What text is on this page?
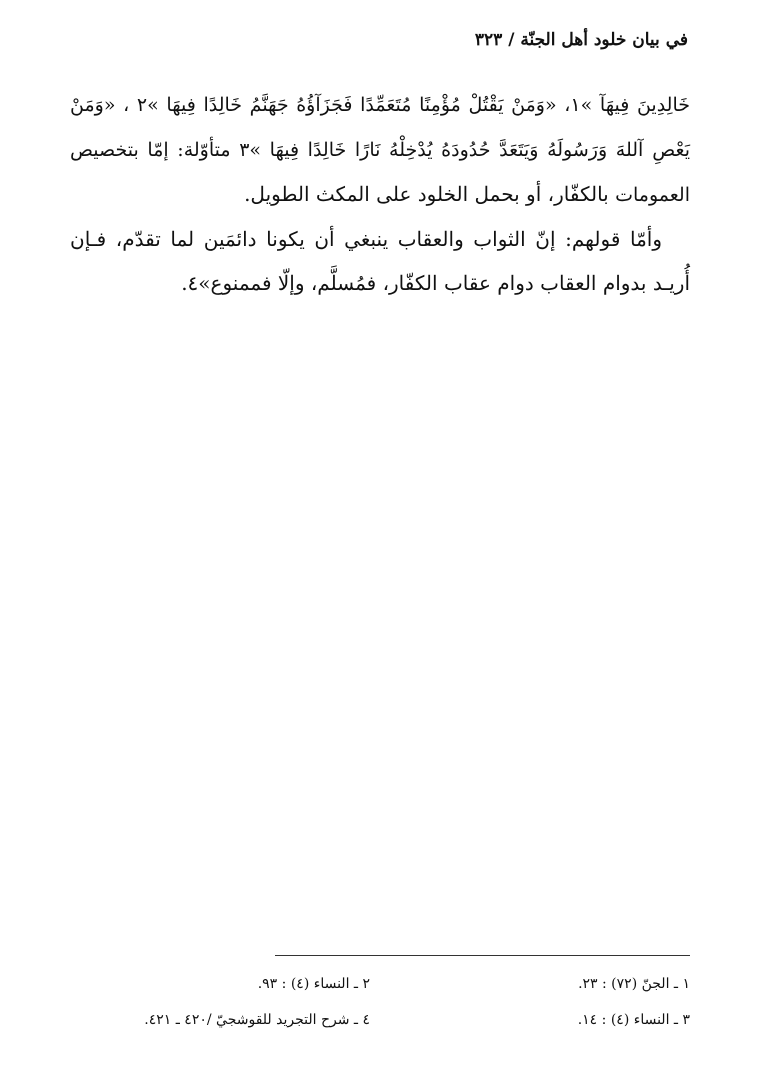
في بيان خلود أهل الجنّة / ٣٢٣

خَالِدِينَ فِيهَآ »١، «وَمَنْ يَقْتُلْ مُؤْمِنًا مُتَعَمِّدًا فَجَزَآؤُهُ جَهَنَّمُ خَالِدًا فِيهَا »٢ ، «وَمَنْ يَعْصِ آللهَ وَرَسُولَهُ وَيَتَعَدَّ حُدُودَهُ يُدْخِلْهُ نَارًا خَالِدًا فِيهَا »٣ متأوّلة: إمّا بتخصيص العمومات بالكفّار، أو بحمل الخلود على المكث الطويل.

وأمّا قولهم: إنّ الثواب والعقاب ينبغي أن يكونا دائمَين لما تقدّم، فـإن أُريـد بدوام العقاب دوام عقاب الكفّار، فمُسلَّم، وإلّا فممنوع»٤.

١ ـ الجنّ (٧٢) : ٢٣.
٢ ـ النساء (٤) : ٩٣.
٣ ـ النساء (٤) : ١٤.
٤ ـ شرح التجريد للقوشجيّ /٤٢٠ ـ ٤٢١.
